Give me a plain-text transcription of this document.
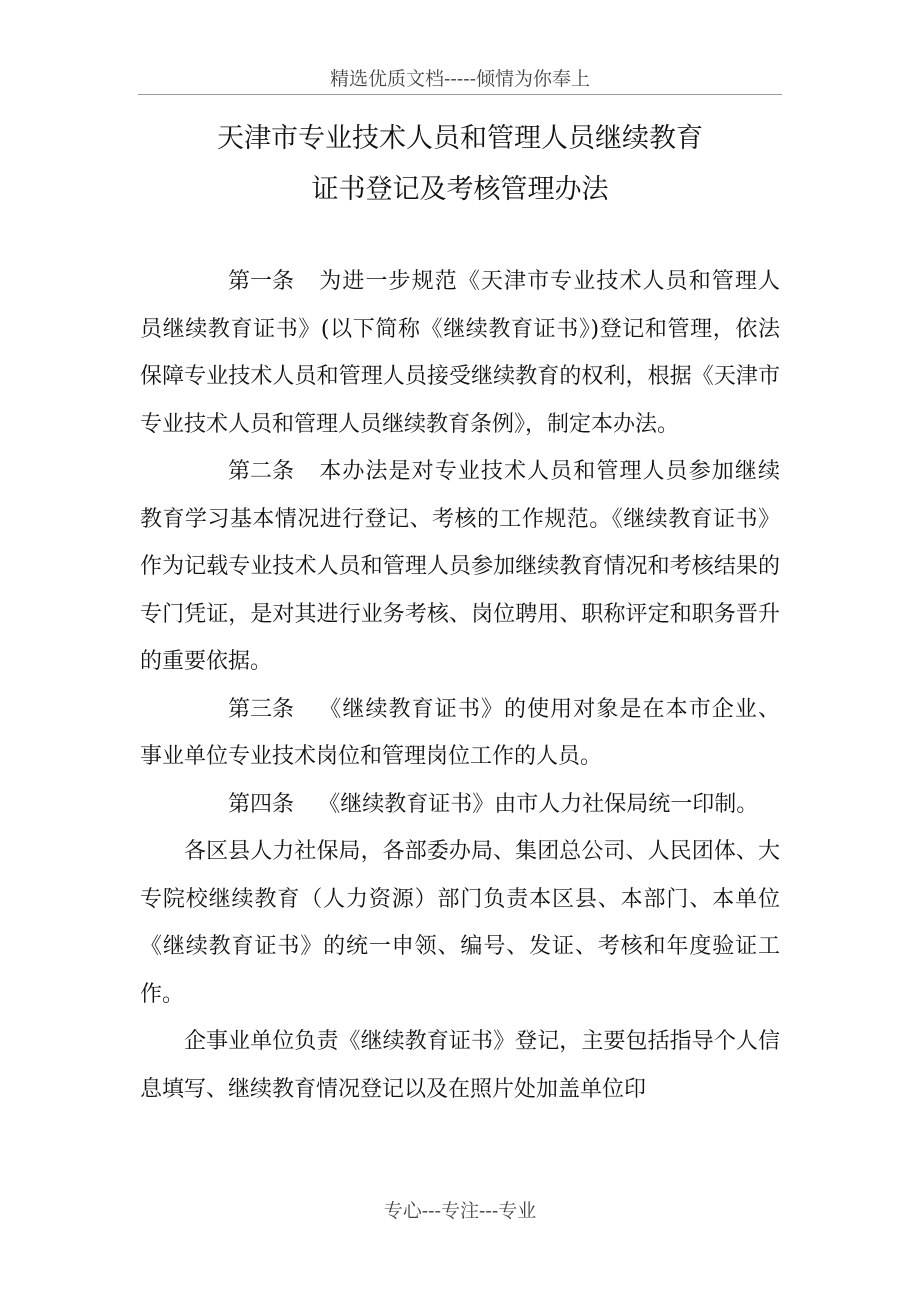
精选优质文档-----倾情为你奉上
天津市专业技术人员和管理人员继续教育
证书登记及考核管理办法

第一条 为进一步规范《天津市专业技术人员和管理人员继续教育证书》(以下简称《继续教育证书》)登记和管理，依法保障专业技术人员和管理人员接受继续教育的权利，根据《天津市专业技术人员和管理人员继续教育条例》，制定本办法。

第二条 本办法是对专业技术人员和管理人员参加继续教育学习基本情况进行登记、考核的工作规范。《继续教育证书》作为记载专业技术人员和管理人员参加继续教育情况和考核结果的专门凭证，是对其进行业务考核、岗位聘用、职称评定和职务晋升的重要依据。

第三条 《继续教育证书》的使用对象是在本市企业、事业单位专业技术岗位和管理岗位工作的人员。

第四条 《继续教育证书》由市人力社保局统一印制。

各区县人力社保局，各部委办局、集团总公司、人民团体、大专院校继续教育（人力资源）部门负责本区县、本部门、本单位《继续教育证书》的统一申领、编号、发证、考核和年度验证工作。

企事业单位负责《继续教育证书》登记，主要包括指导个人信息填写、继续教育情况登记以及在照片处加盖单位印

专心---专注---专业
